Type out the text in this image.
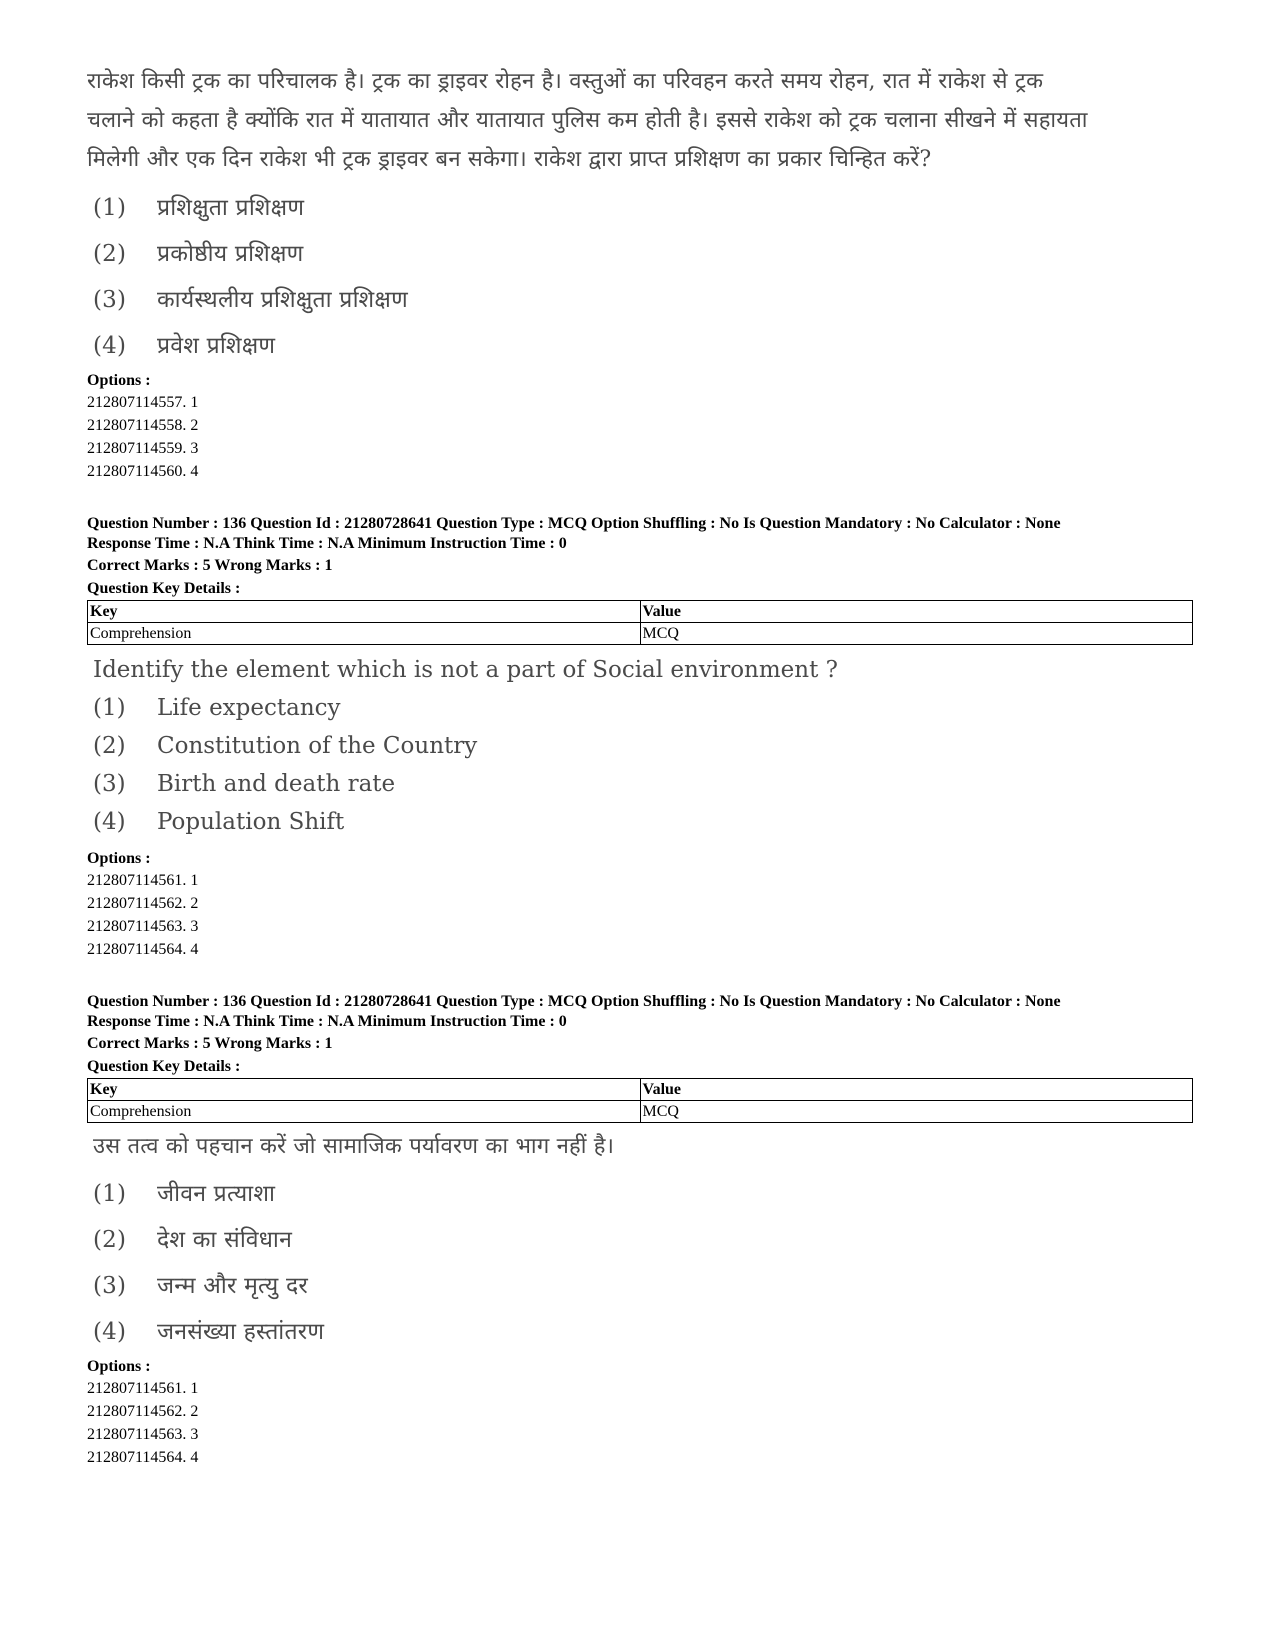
राकेश किसी ट्रक का परिचालक है। ट्रक का ड्राइवर रोहन है। वस्तुओं का परिवहन करते समय रोहन, रात में राकेश से ट्रक
चलाने को कहता है क्योंकि रात में यातायात और यातायात पुलिस कम होती है। इससे राकेश को ट्रक चलाना सीखने में सहायता
मिलेगी और एक दिन राकेश भी ट्रक ड्राइवर बन सकेगा। राकेश द्वारा प्राप्त प्रशिक्षण का प्रकार चिन्हित करें?
(1)	प्रशिक्षुता प्रशिक्षण
(2)	प्रकोष्ठीय प्रशिक्षण
(3)	कार्यस्थलीय प्रशिक्षुता प्रशिक्षण
(4)	प्रवेश प्रशिक्षण
Options :
212807114557. 1
212807114558. 2
212807114559. 3
212807114560. 4
Question Number : 136 Question Id : 21280728641 Question Type : MCQ Option Shuffling : No Is Question Mandatory : No Calculator : None
Response Time : N.A Think Time : N.A Minimum Instruction Time : 0
Correct Marks : 5 Wrong Marks : 1
Question Key Details :
Key	Value
Comprehension	MCQ
Identify the element which is not a part of Social environment ?
(1)	Life expectancy
(2)	Constitution of the Country
(3)	Birth and death rate
(4)	Population Shift
Options :
212807114561. 1
212807114562. 2
212807114563. 3
212807114564. 4
Question Number : 136 Question Id : 21280728641 Question Type : MCQ Option Shuffling : No Is Question Mandatory : No Calculator : None
Response Time : N.A Think Time : N.A Minimum Instruction Time : 0
Correct Marks : 5 Wrong Marks : 1
Question Key Details :
Key	Value
Comprehension	MCQ
उस तत्व को पहचान करें जो सामाजिक पर्यावरण का भाग नहीं है।
(1)	जीवन प्रत्याशा
(2)	देश का संविधान
(3)	जन्म और मृत्यु दर
(4)	जनसंख्या हस्तांतरण
Options :
212807114561. 1
212807114562. 2
212807114563. 3
212807114564. 4
